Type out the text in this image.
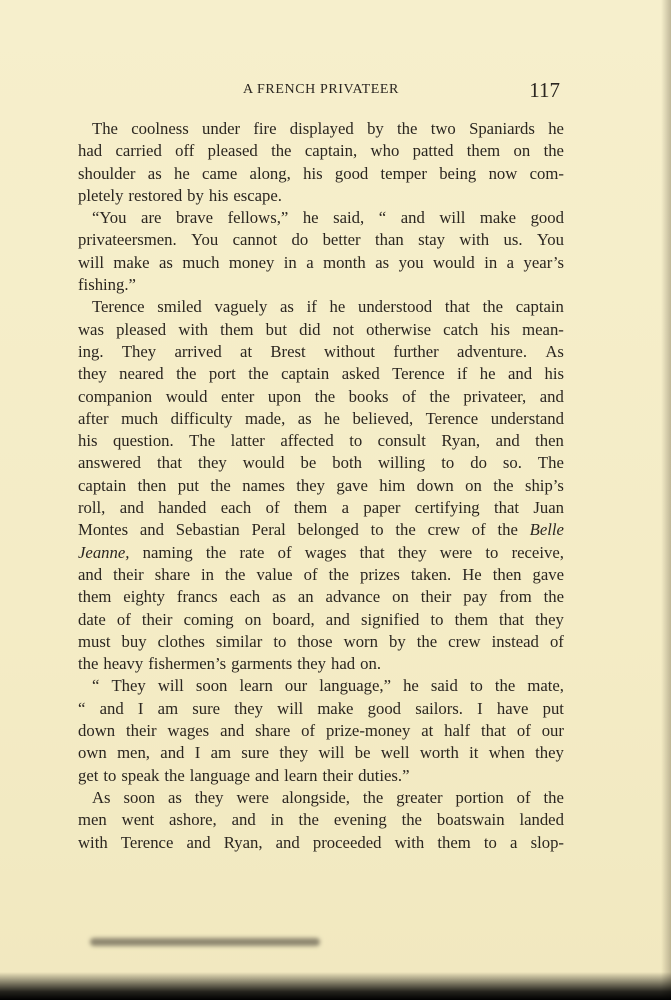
A FRENCH PRIVATEER	117
The coolness under fire displayed by the two Spaniards he
had carried off pleased the captain, who patted them on the
shoulder as he came along, his good temper being now com-
pletely restored by his escape.
“You are brave fellows,” he said, “ and will make good
privateersmen. You cannot do better than stay with us. You
will make as much money in a month as you would in a year’s
fishing.”
Terence smiled vaguely as if he understood that the captain
was pleased with them but did not otherwise catch his mean-
ing. They arrived at Brest without further adventure. As
they neared the port the captain asked Terence if he and his
companion would enter upon the books of the privateer, and
after much difficulty made, as he believed, Terence understand
his question. The latter affected to consult Ryan, and then
answered that they would be both willing to do so. The
captain then put the names they gave him down on the ship’s
roll, and handed each of them a paper certifying that Juan
Montes and Sebastian Peral belonged to the crew of the Belle
Jeanne, naming the rate of wages that they were to receive,
and their share in the value of the prizes taken. He then gave
them eighty francs each as an advance on their pay from the
date of their coming on board, and signified to them that they
must buy clothes similar to those worn by the crew instead of
the heavy fishermen’s garments they had on.
“ They will soon learn our language,” he said to the mate,
“ and I am sure they will make good sailors. I have put
down their wages and share of prize-money at half that of our
own men, and I am sure they will be well worth it when they
get to speak the language and learn their duties.”
As soon as they were alongside, the greater portion of the
men went ashore, and in the evening the boatswain landed
with Terence and Ryan, and proceeded with them to a slop-
